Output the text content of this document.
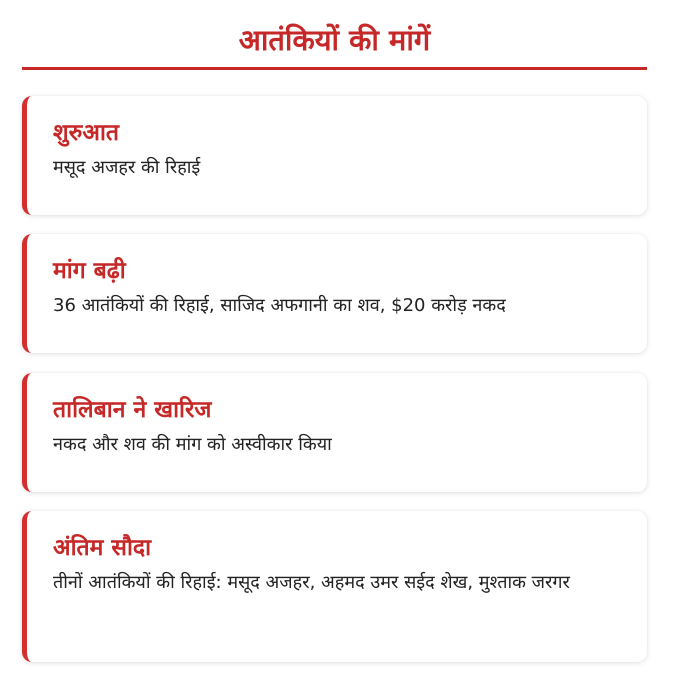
आतंकियों की मांगें
शुरुआत

मसूद अजहर की रिहाई

मांग बढ़ी

36 आतंकियों की रिहाई, साजिद अफगानी का शव, $20 करोड़ नकद

तालिबान ने खारिज

नकद और शव की मांग को अस्वीकार किया

अंतिम सौदा

तीनों आतंकियों की रिहाई: मसूद अजहर, अहमद उमर सईद शेख, मुश्ताक जरगर
